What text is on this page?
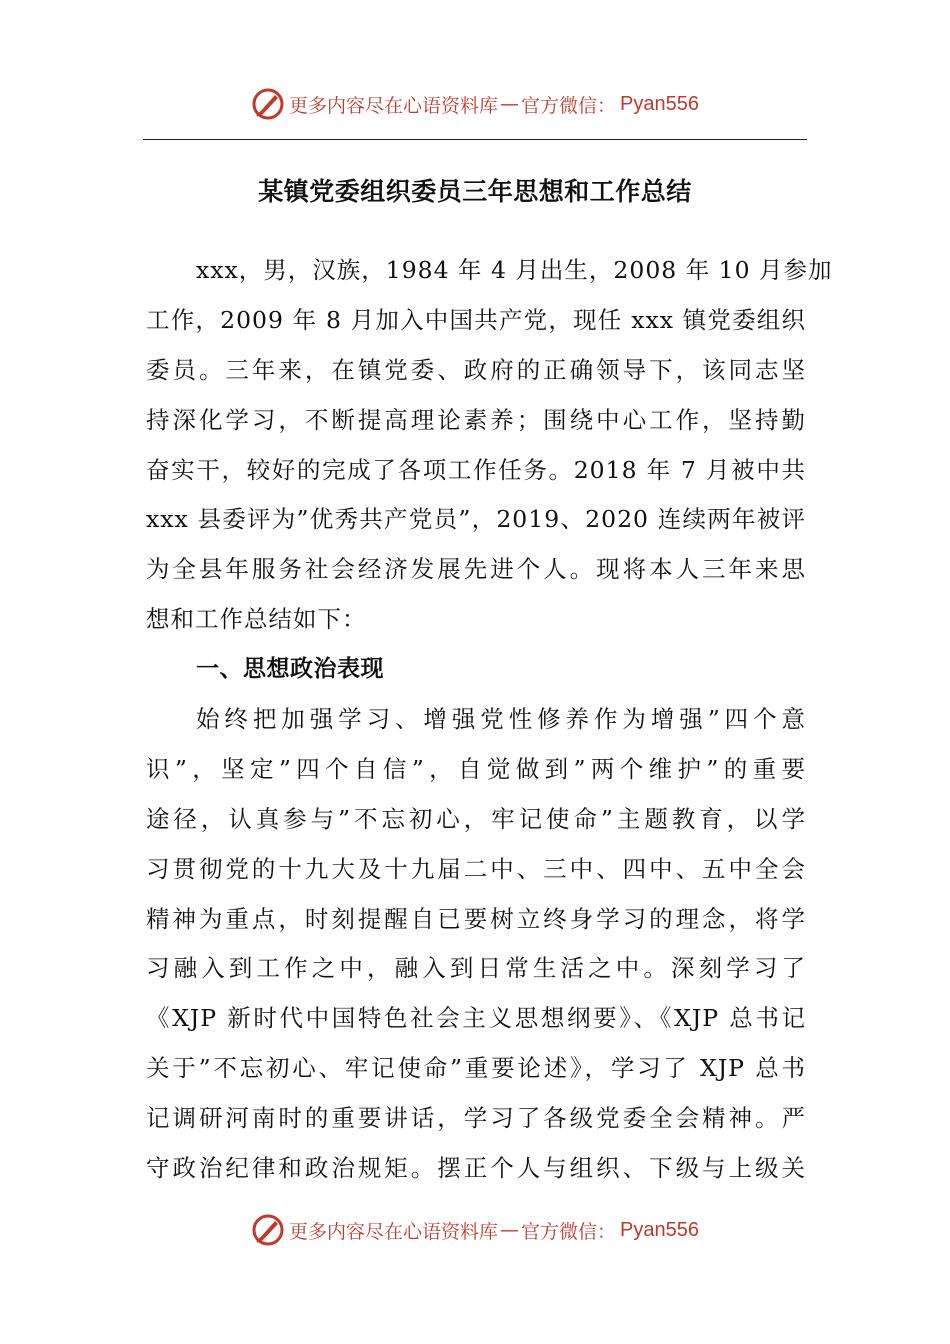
更多内容尽在心语资料库 — 官方微信： Pyan556
某镇党委组织委员三年思想和工作总结
xxx，男，汉族，1984 年 4 月出生，2008 年 10 月参加
工作，2009 年 8 月加入中国共产党，现任 xxx 镇党委组织
委员。三年来，在镇党委、政府的正确领导下，该同志坚
持深化学习，不断提高理论素养；围绕中心工作，坚持勤
奋实干，较好的完成了各项工作任务。2018 年 7 月被中共
xxx 县委评为”优秀共产党员”，2019、2020 连续两年被评
为全县年服务社会经济发展先进个人。现将本人三年来思
想和工作总结如下：
一、思想政治表现
始终把加强学习、增强党性修养作为增强”四个意
识”，坚定”四个自信”，自觉做到”两个维护”的重要
途径，认真参与”不忘初心，牢记使命”主题教育，以学
习贯彻党的十九大及十九届二中、三中、四中、五中全会
精神为重点，时刻提醒自已要树立终身学习的理念，将学
习融入到工作之中，融入到日常生活之中。深刻学习了
《XJP 新时代中国特色社会主义思想纲要》、《XJP 总书记
关于”不忘初心、牢记使命”重要论述》，学习了 XJP 总书
记调研河南时的重要讲话，学习了各级党委全会精神。严
守政治纪律和政治规矩。摆正个人与组织、下级与上级关
更多内容尽在心语资料库 — 官方微信： Pyan556
